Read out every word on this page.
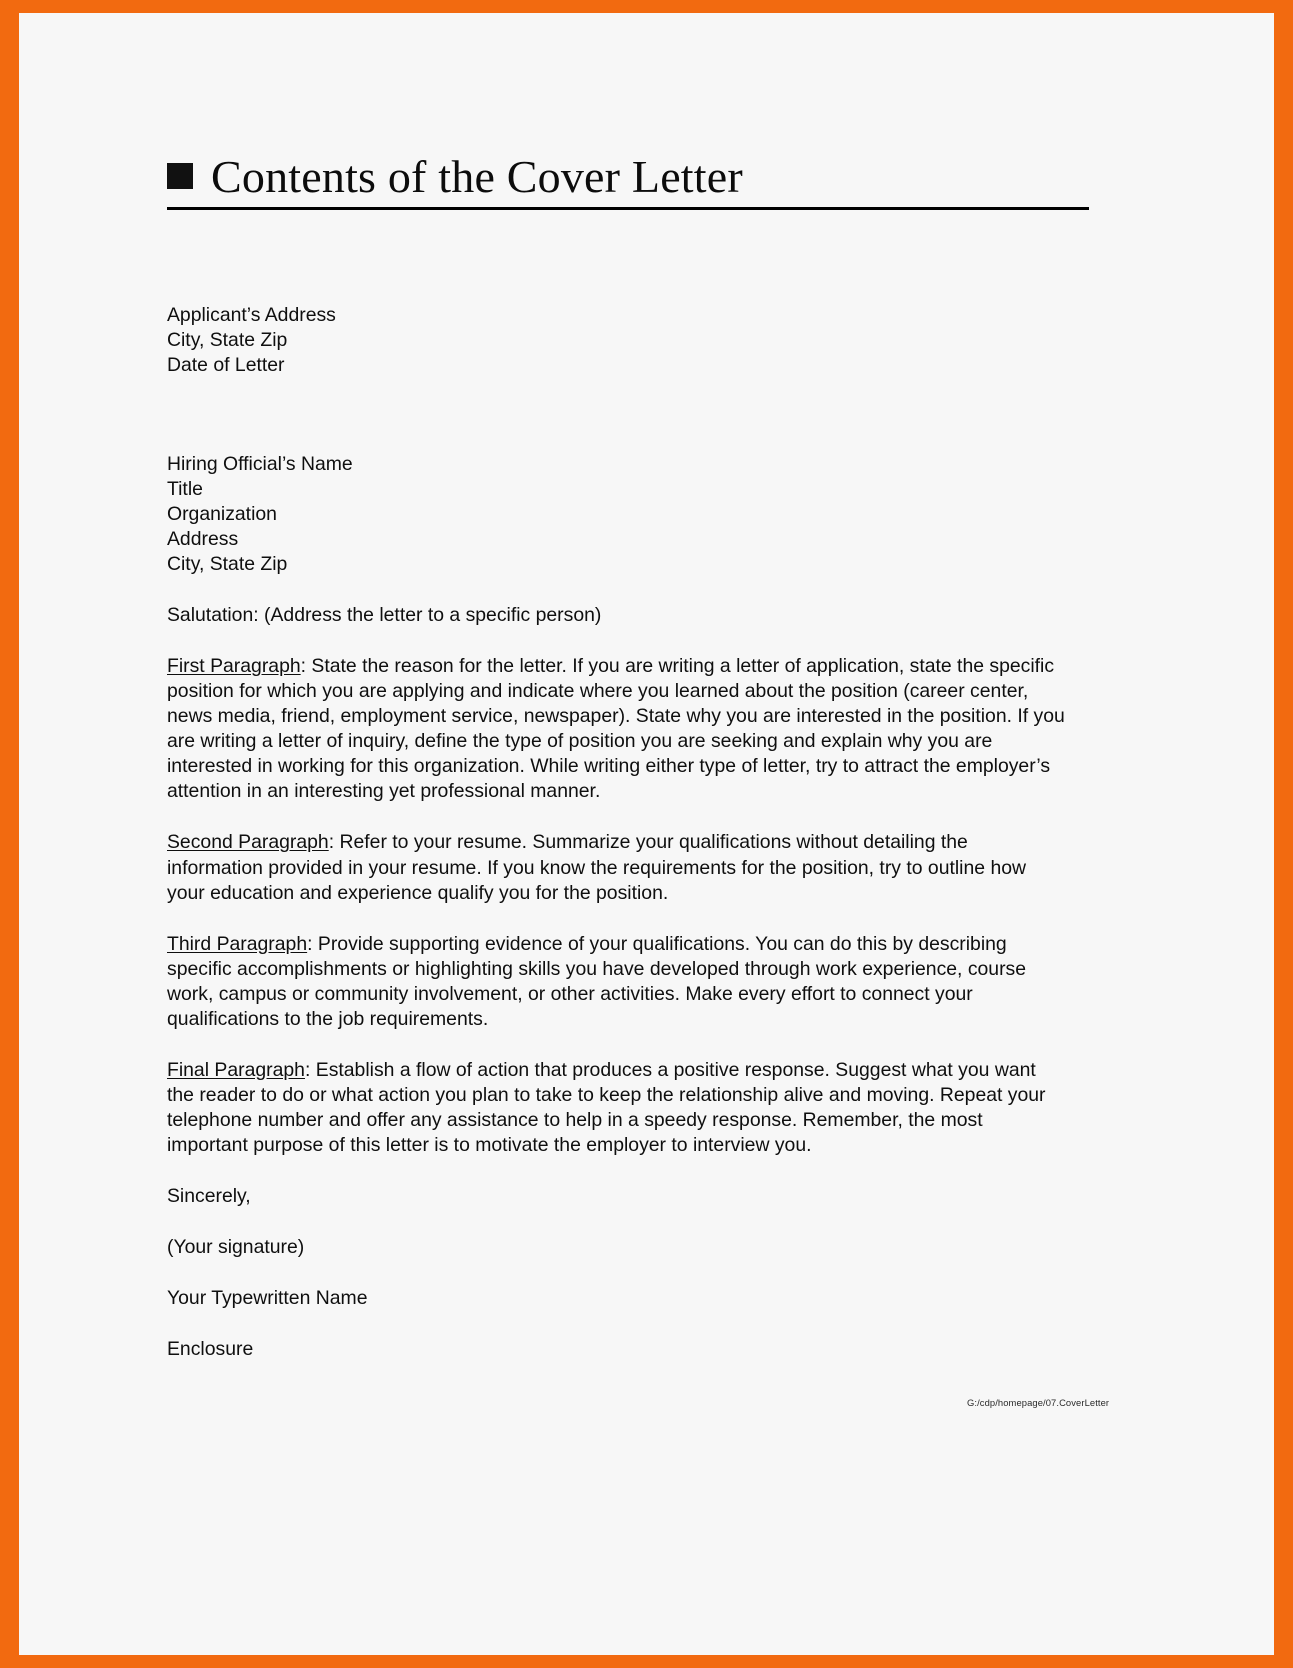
Contents of the Cover Letter
Applicant’s Address
City, State Zip
Date of Letter
Hiring Official’s Name
Title
Organization
Address
City, State Zip

Salutation: (Address the letter to a specific person)

First Paragraph: State the reason for the letter. If you are writing a letter of application, state the specific position for which you are applying and indicate where you learned about the position (career center, news media, friend, employment service, newspaper). State why you are interested in the position. If you are writing a letter of inquiry, define the type of position you are seeking and explain why you are interested in working for this organization. While writing either type of letter, try to attract the employer’s attention in an interesting yet professional manner.

Second Paragraph: Refer to your resume. Summarize your qualifications without detailing the information provided in your resume. If you know the requirements for the position, try to outline how your education and experience qualify you for the position.

Third Paragraph: Provide supporting evidence of your qualifications. You can do this by describing specific accomplishments or highlighting skills you have developed through work experience, course work, campus or community involvement, or other activities. Make every effort to connect your qualifications to the job requirements.

Final Paragraph: Establish a flow of action that produces a positive response. Suggest what you want the reader to do or what action you plan to take to keep the relationship alive and moving. Repeat your telephone number and offer any assistance to help in a speedy response. Remember, the most important purpose of this letter is to motivate the employer to interview you.

Sincerely,

(Your signature)

Your Typewritten Name

Enclosure

G:/cdp/homepage/07.CoverLetter
